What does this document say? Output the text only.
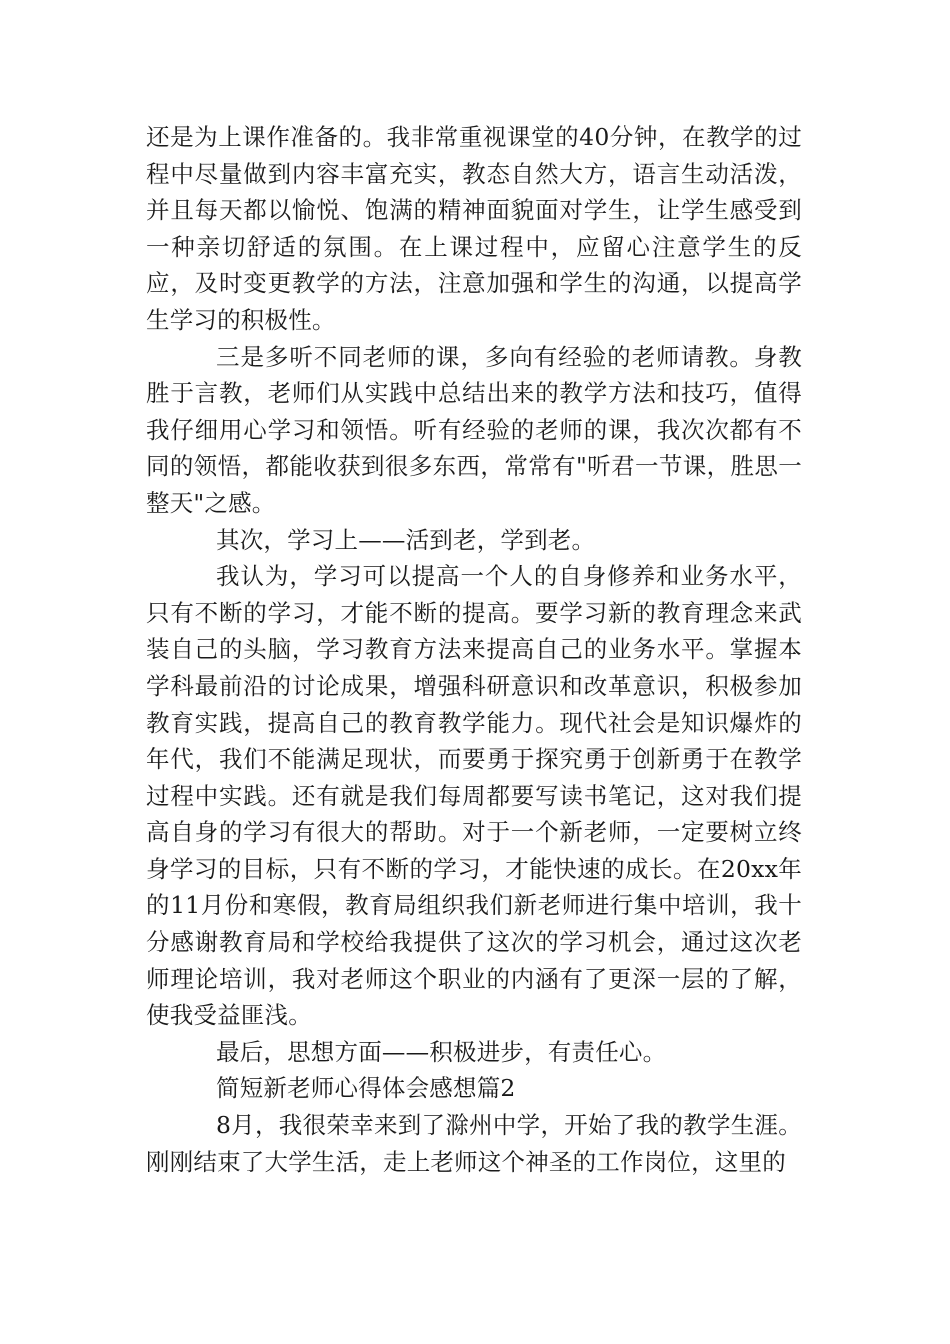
还是为上课作准备的。我非常重视课堂的40分钟，在教学的过程中尽量做到内容丰富充实，教态自然大方，语言生动活泼，并且每天都以愉悦、饱满的精神面貌面对学生，让学生感受到一种亲切舒适的氛围。在上课过程中，应留心注意学生的反应，及时变更教学的方法，注意加强和学生的沟通，以提高学生学习的积极性。

三是多听不同老师的课，多向有经验的老师请教。身教胜于言教，老师们从实践中总结出来的教学方法和技巧，值得我仔细用心学习和领悟。听有经验的老师的课，我次次都有不同的领悟，都能收获到很多东西，常常有"听君一节课，胜思一整天"之感。

其次，学习上——活到老，学到老。

我认为，学习可以提高一个人的自身修养和业务水平，只有不断的学习，才能不断的提高。要学习新的教育理念来武装自己的头脑，学习教育方法来提高自己的业务水平。掌握本学科最前沿的讨论成果，增强科研意识和改革意识，积极参加教育实践，提高自己的教育教学能力。现代社会是知识爆炸的年代，我们不能满足现状，而要勇于探究勇于创新勇于在教学过程中实践。还有就是我们每周都要写读书笔记，这对我们提高自身的学习有很大的帮助。对于一个新老师，一定要树立终身学习的目标，只有不断的学习，才能快速的成长。在20xx年的11月份和寒假，教育局组织我们新老师进行集中培训，我十分感谢教育局和学校给我提供了这次的学习机会，通过这次老师理论培训，我对老师这个职业的内涵有了更深一层的了解，使我受益匪浅。

最后，思想方面——积极进步，有责任心。

简短新老师心得体会感想篇2

8月，我很荣幸来到了滁州中学，开始了我的教学生涯。刚刚结束了大学生活，走上老师这个神圣的工作岗位，这里的
